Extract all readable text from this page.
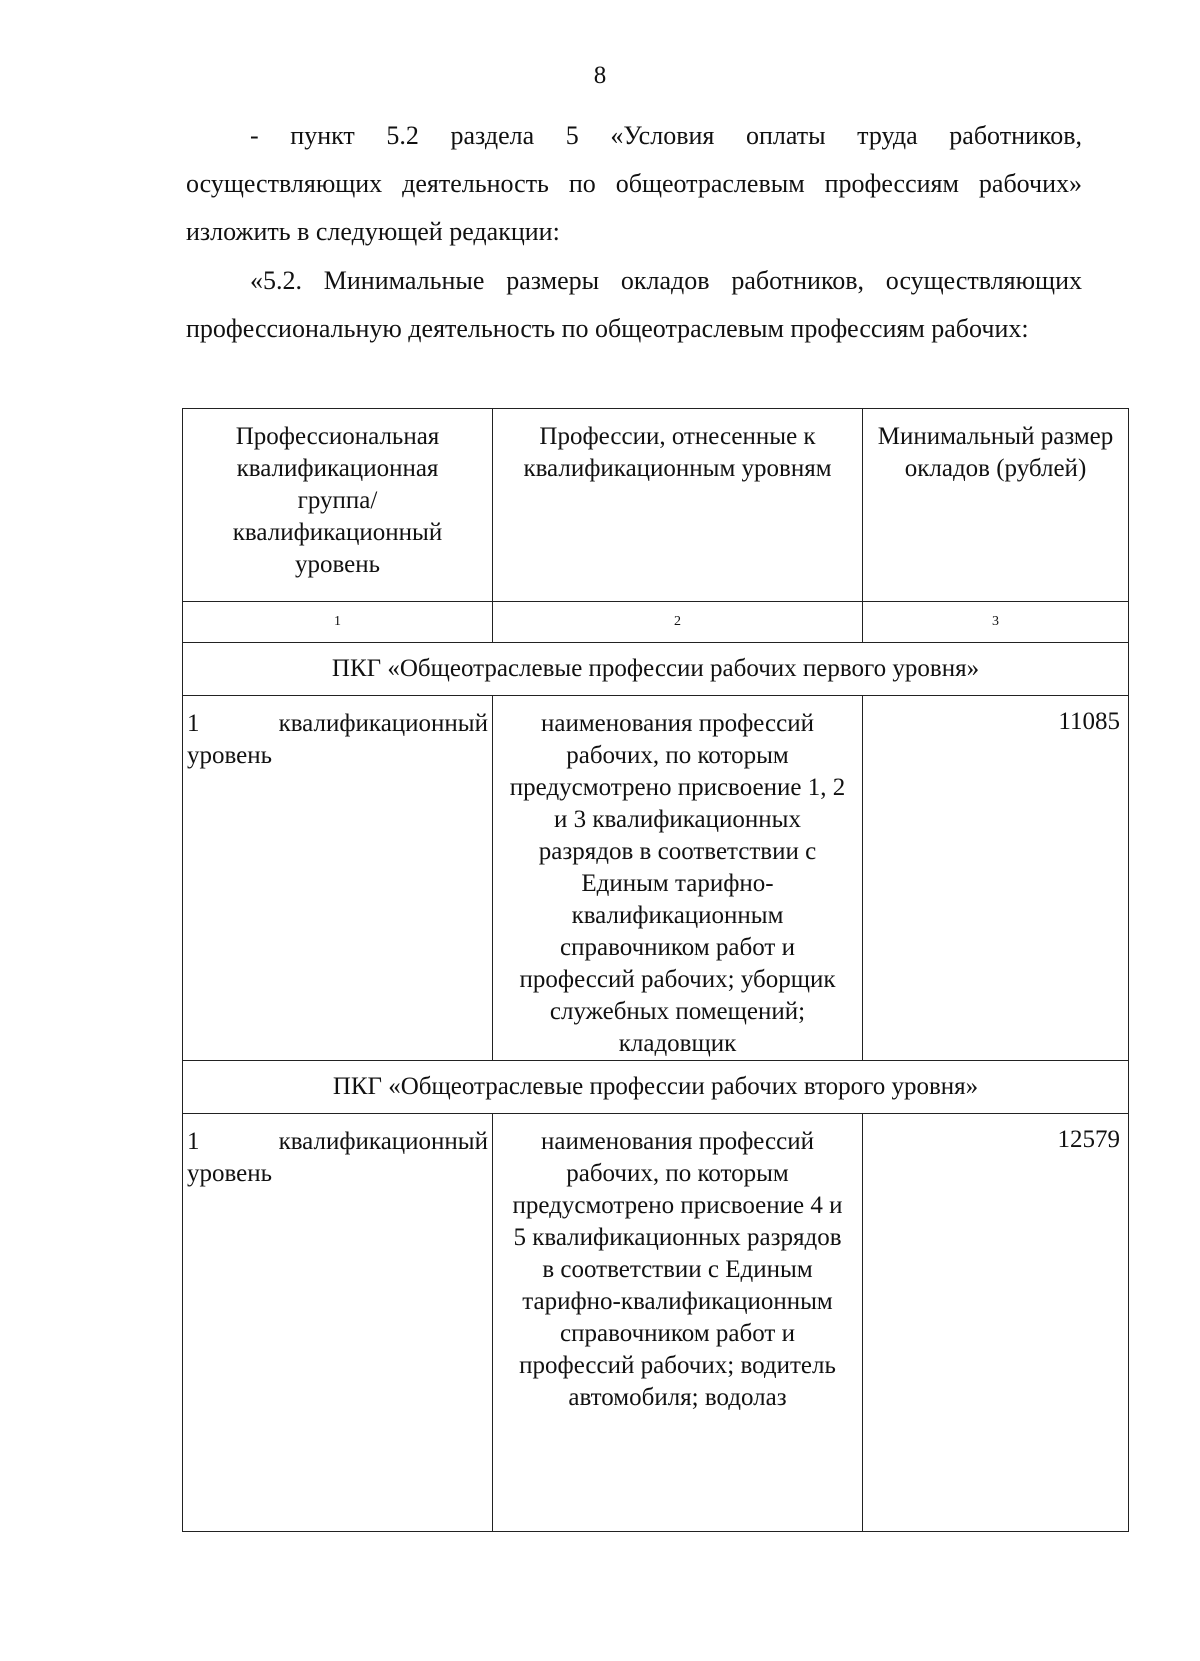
8
- пункт 5.2 раздела 5 «Условия оплаты труда работников, осуществляющих деятельность по общеотраслевым профессиям рабочих» изложить в следующей редакции:
«5.2. Минимальные размеры окладов работников, осуществляющих профессиональную деятельность по общеотраслевым профессиям рабочих:
Профессиональная квалификационная группа/ квалификационный уровень	Профессии, отнесенные к квалификационным уровням	Минимальный размер окладов (рублей)

1	2	3
ПКГ «Общеотраслевые профессии рабочих первого уровня»		
1 квалификационный уровень	наименования профессий рабочих, по которым предусмотрено присвоение 1, 2 и 3 квалификационных разрядов в соответствии с Единым тарифно-квалификационным справочником работ и профессий рабочих; уборщик служебных помещений; кладовщик	11085
ПКГ «Общеотраслевые профессии рабочих второго уровня»		
1 квалификационный уровень	наименования профессий рабочих, по которым предусмотрено присвоение 4 и 5 квалификационных разрядов в соответствии с Единым тарифно-квалификационным справочником работ и профессий рабочих; водитель автомобиля; водолаз	12579
